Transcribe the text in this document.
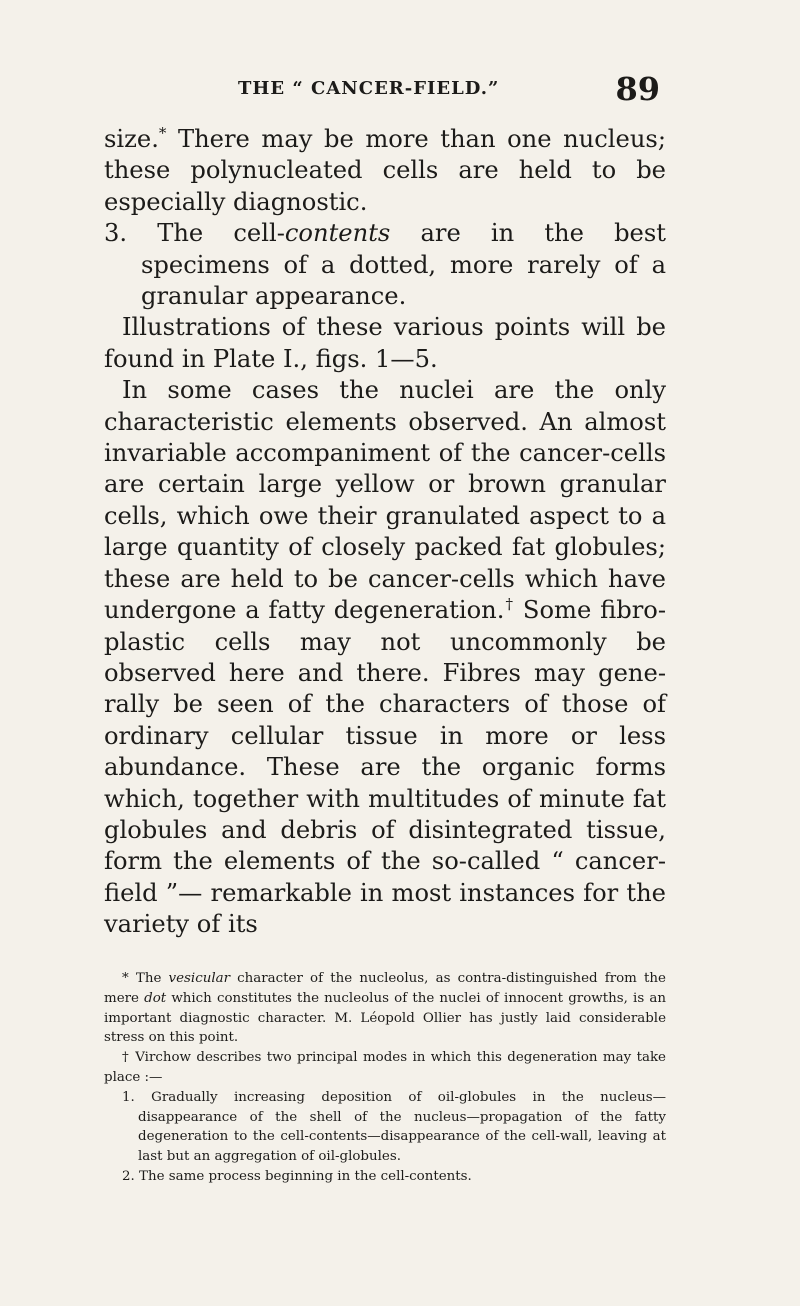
THE “ CANCER-FIELD.”	89

size.* There may be more than one nucleus; these polynucleated cells are held to be especially diagnostic.

3. The cell-contents are in the best specimens of a dotted, more rarely of a granular appearance.

Illustrations of these various points will be found in Plate I., figs. 1—5.

In some cases the nuclei are the only characteristic elements observed. An almost invariable accompaniment of the cancer-cells are certain large yellow or brown granular cells, which owe their granulated aspect to a large quantity of closely packed fat globules; these are held to be cancer-cells which have undergone a fatty degeneration.† Some fibro-plastic cells may not uncommonly be observed here and there. Fibres may generally be seen of the characters of those of ordinary cellular tissue in more or less abundance. These are the organic forms which, together with multitudes of minute fat globules and debris of disintegrated tissue, form the elements of the so-called “ cancer-field ”— remarkable in most instances for the variety of its

* The vesicular character of the nucleolus, as contra-distinguished from the mere dot which constitutes the nucleolus of the nuclei of innocent growths, is an important diagnostic character. M. Léopold Ollier has justly laid considerable stress on this point.

† Virchow describes two principal modes in which this degeneration may take place :—

1. Gradually increasing deposition of oil-globules in the nucleus—disappearance of the shell of the nucleus—propagation of the fatty degeneration to the cell-contents—disappearance of the cell-wall, leaving at last but an aggregation of oil-globules.

2. The same process beginning in the cell-contents.
